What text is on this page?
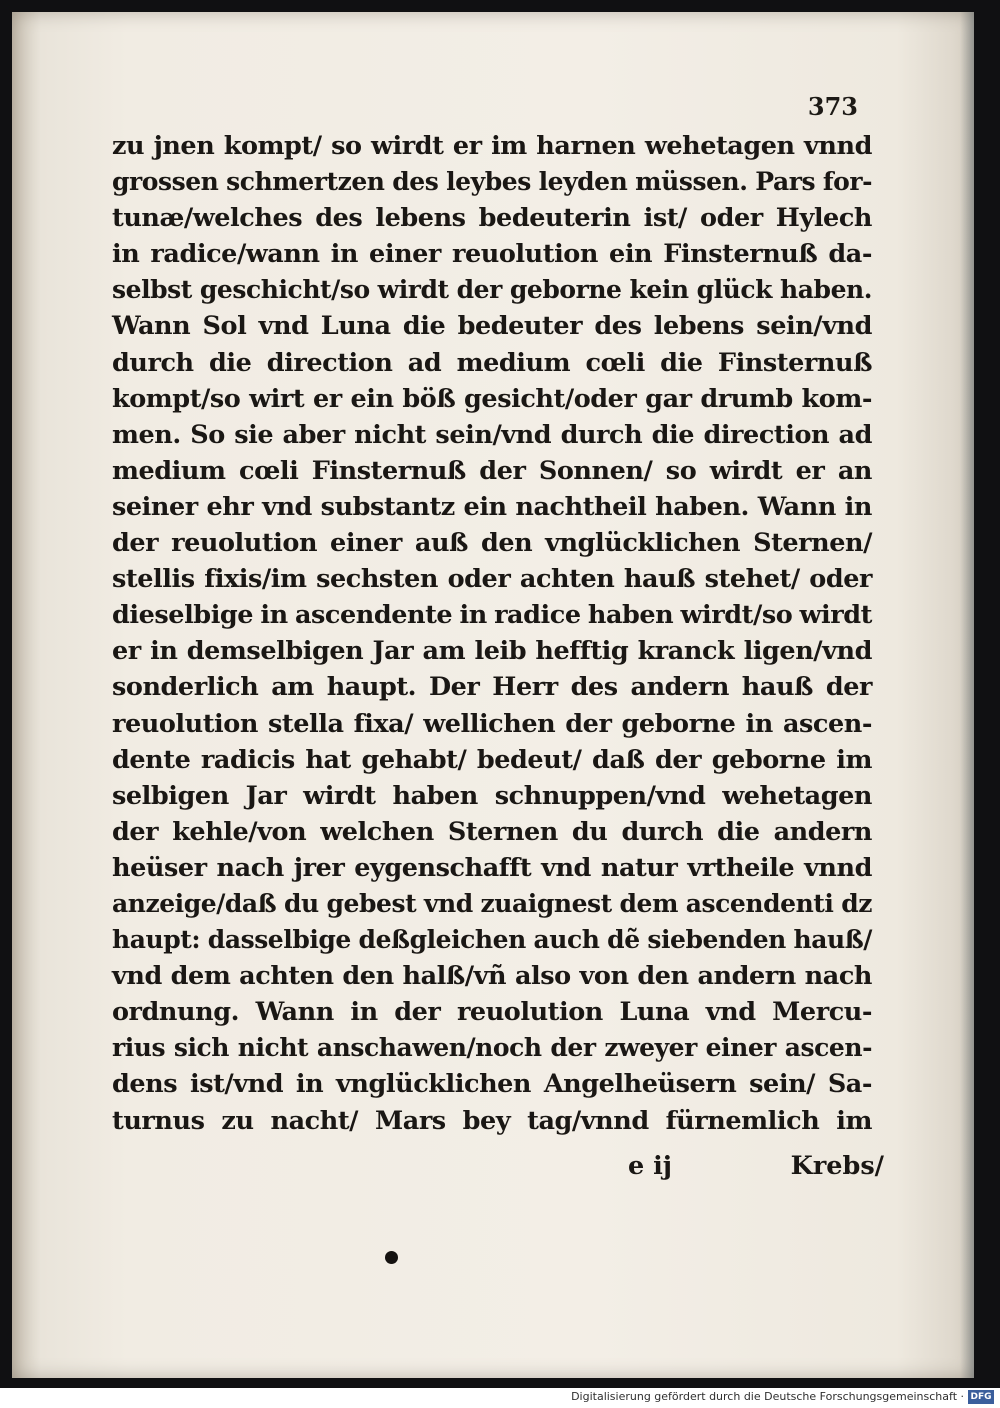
373
zu jnen kompt/ so wirdt er im harnen wehetagen vnnd
grossen schmertzen des leybes leyden müssen. Pars for-
tunæ/welches des lebens bedeuterin ist/ oder Hylech
in radice/wann in einer reuolution ein Finsternuß da-
selbst geschicht/so wirdt der geborne kein glück haben.
Wann Sol vnd Luna die bedeuter des lebens sein/vnd
durch die direction ad medium cœli die Finsternuß
kompt/so wirt er ein böß gesicht/oder gar drumb kom-
men. So sie aber nicht sein/vnd durch die direction ad
medium cœli Finsternuß der Sonnen/ so wirdt er an
seiner ehr vnd substantz ein nachtheil haben. Wann in
der reuolution einer auß den vnglücklichen Sternen/
stellis fixis/im sechsten oder achten hauß stehet/ oder
dieselbige in ascendente in radice haben wirdt/so wirdt
er in demselbigen Jar am leib hefftig kranck ligen/vnd
sonderlich am haupt. Der Herr des andern hauß der
reuolution stella fixa/ wellichen der geborne in ascen-
dente radicis hat gehabt/ bedeut/ daß der geborne im
selbigen Jar wirdt haben schnuppen/vnd wehetagen
der kehle/von welchen Sternen du durch die andern
heüser nach jrer eygenschafft vnd natur vrtheile vnnd
anzeige/daß du gebest vnd zuaignest dem ascendenti dz
haupt: dasselbige deßgleichen auch dẽ siebenden hauß/
vnd dem achten den halß/vñ also von den andern nach
ordnung. Wann in der reuolution Luna vnd Mercu-
rius sich nicht anschawen/noch der zweyer einer ascen-
dens ist/vnd in vnglücklichen Angelheüsern sein/ Sa-
turnus zu nacht/ Mars bey tag/vnnd fürnemlich im
e ij	Krebs/
Digitalisierung gefördert durch die Deutsche Forschungsgemeinschaft · DFG
